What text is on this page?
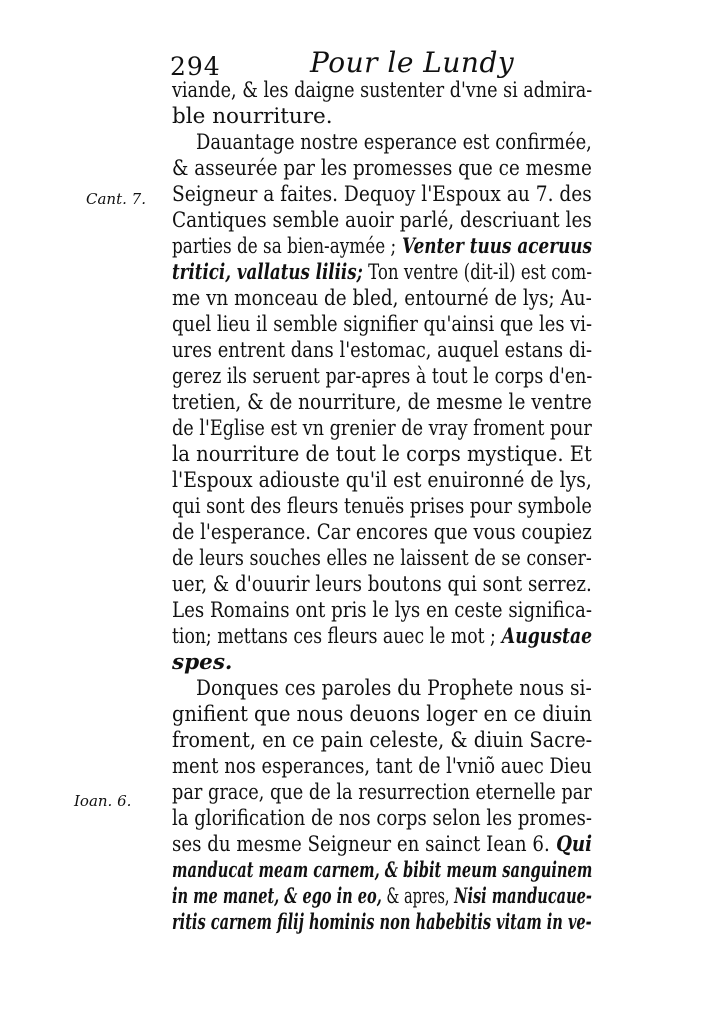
294	Pour le Lundy
Cant. 7.
Ioan. 6.
viande, & les daigne sustenter d'vne si admira-
ble nourriture.
Dauantage nostre esperance est confirmée,
& asseurée par les promesses que ce mesme
Seigneur a faites. Dequoy l'Espoux au 7. des
Cantiques semble auoir parlé, descriuant les
parties de sa bien-aymée ; Venter tuus aceruus
tritici, vallatus liliis; Ton ventre (dit-il) est com-
me vn monceau de bled, entourné de lys; Au-
quel lieu il semble signifier qu'ainsi que les vi-
ures entrent dans l'estomac, auquel estans di-
gerez ils seruent par-apres à tout le corps d'en-
tretien, & de nourriture, de mesme le ventre
de l'Eglise est vn grenier de vray froment pour
la nourriture de tout le corps mystique. Et
l'Espoux adiouste qu'il est enuironné de lys,
qui sont des fleurs tenuës prises pour symbole
de l'esperance. Car encores que vous coupiez
de leurs souches elles ne laissent de se conser-
uer, & d'ouurir leurs boutons qui sont serrez.
Les Romains ont pris le lys en ceste significa-
tion; mettans ces fleurs auec le mot ; Augustae
spes.
Donques ces paroles du Prophete nous si-
gnifient que nous deuons loger en ce diuin
froment, en ce pain celeste, & diuin Sacre-
ment nos esperances, tant de l'vniõ auec Dieu
par grace, que de la resurrection eternelle par
la glorification de nos corps selon les promes-
ses du mesme Seigneur en sainct Iean 6. Qui
manducat meam carnem, & bibit meum sanguinem
in me manet, & ego in eo, & apres, Nisi manducaue-
ritis carnem filij hominis non habebitis vitam in ve-
